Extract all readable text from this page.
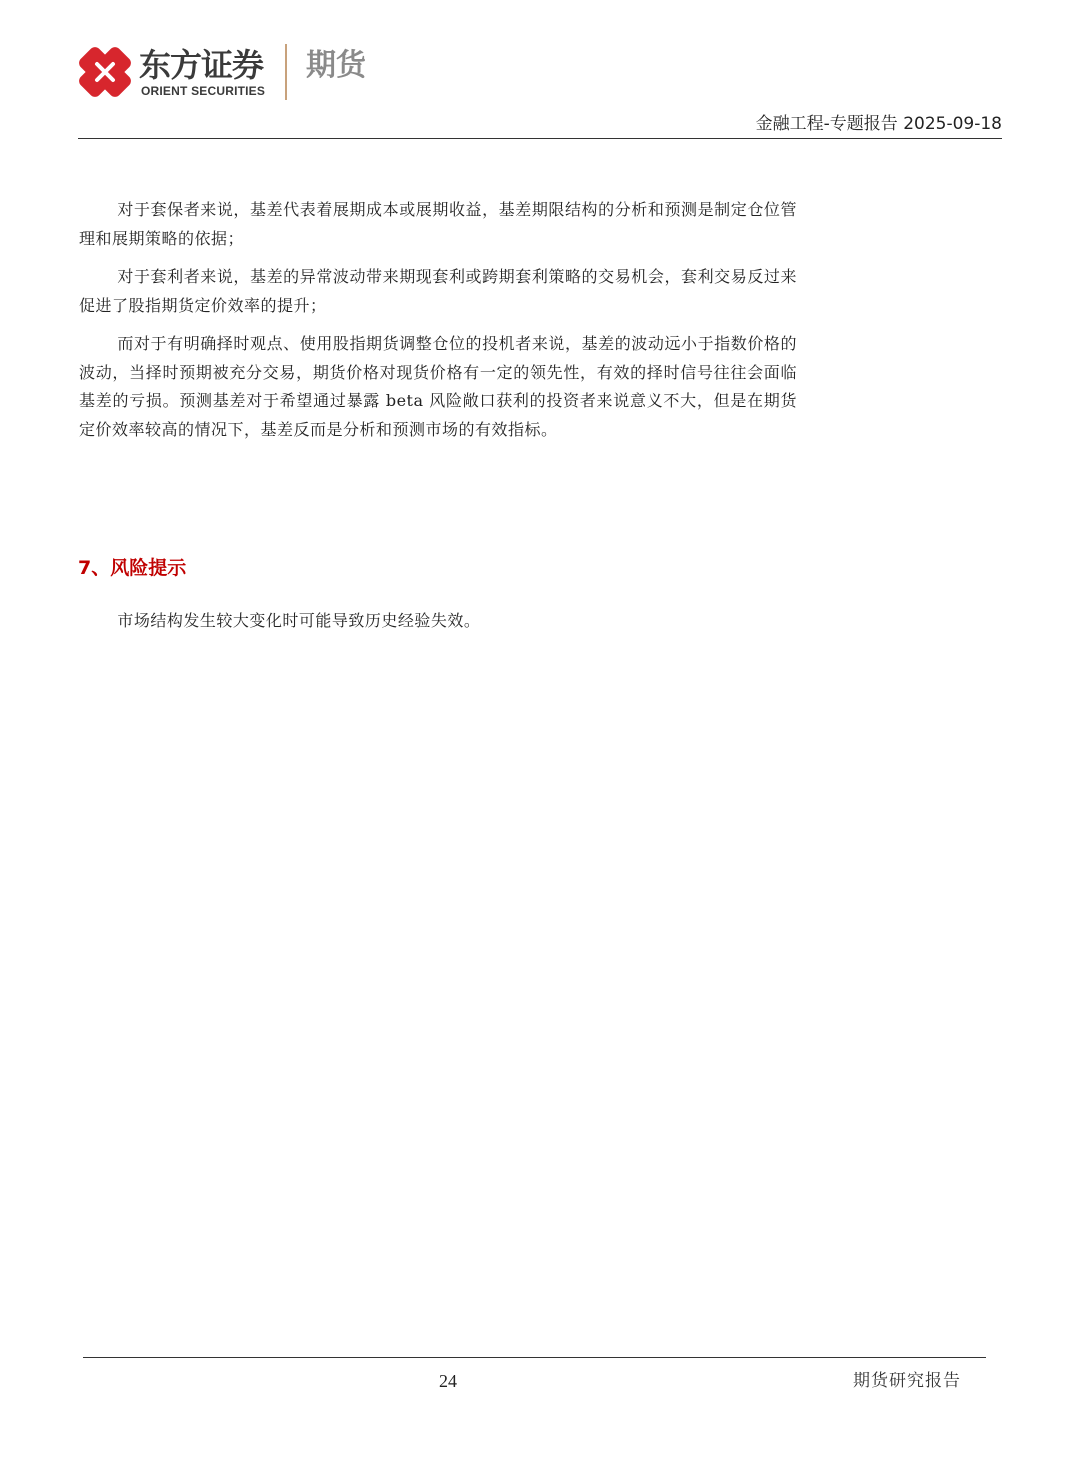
东方证券
ORIENT SECURITIES
期货
金融工程-专题报告 2025-09-18

对于套保者来说，基差代表着展期成本或展期收益，基差期限结构的分析和预测是制定仓位管理和展期策略的依据；

对于套利者来说，基差的异常波动带来期现套利或跨期套利策略的交易机会，套利交易反过来促进了股指期货定价效率的提升；

而对于有明确择时观点、使用股指期货调整仓位的投机者来说，基差的波动远小于指数价格的波动，当择时预期被充分交易，期货价格对现货价格有一定的领先性，有效的择时信号往往会面临基差的亏损。预测基差对于希望通过暴露 beta 风险敞口获利的投资者来说意义不大，但是在期货定价效率较高的情况下，基差反而是分析和预测市场的有效指标。

7、风险提示

市场结构发生较大变化时可能导致历史经验失效。

24	期货研究报告
